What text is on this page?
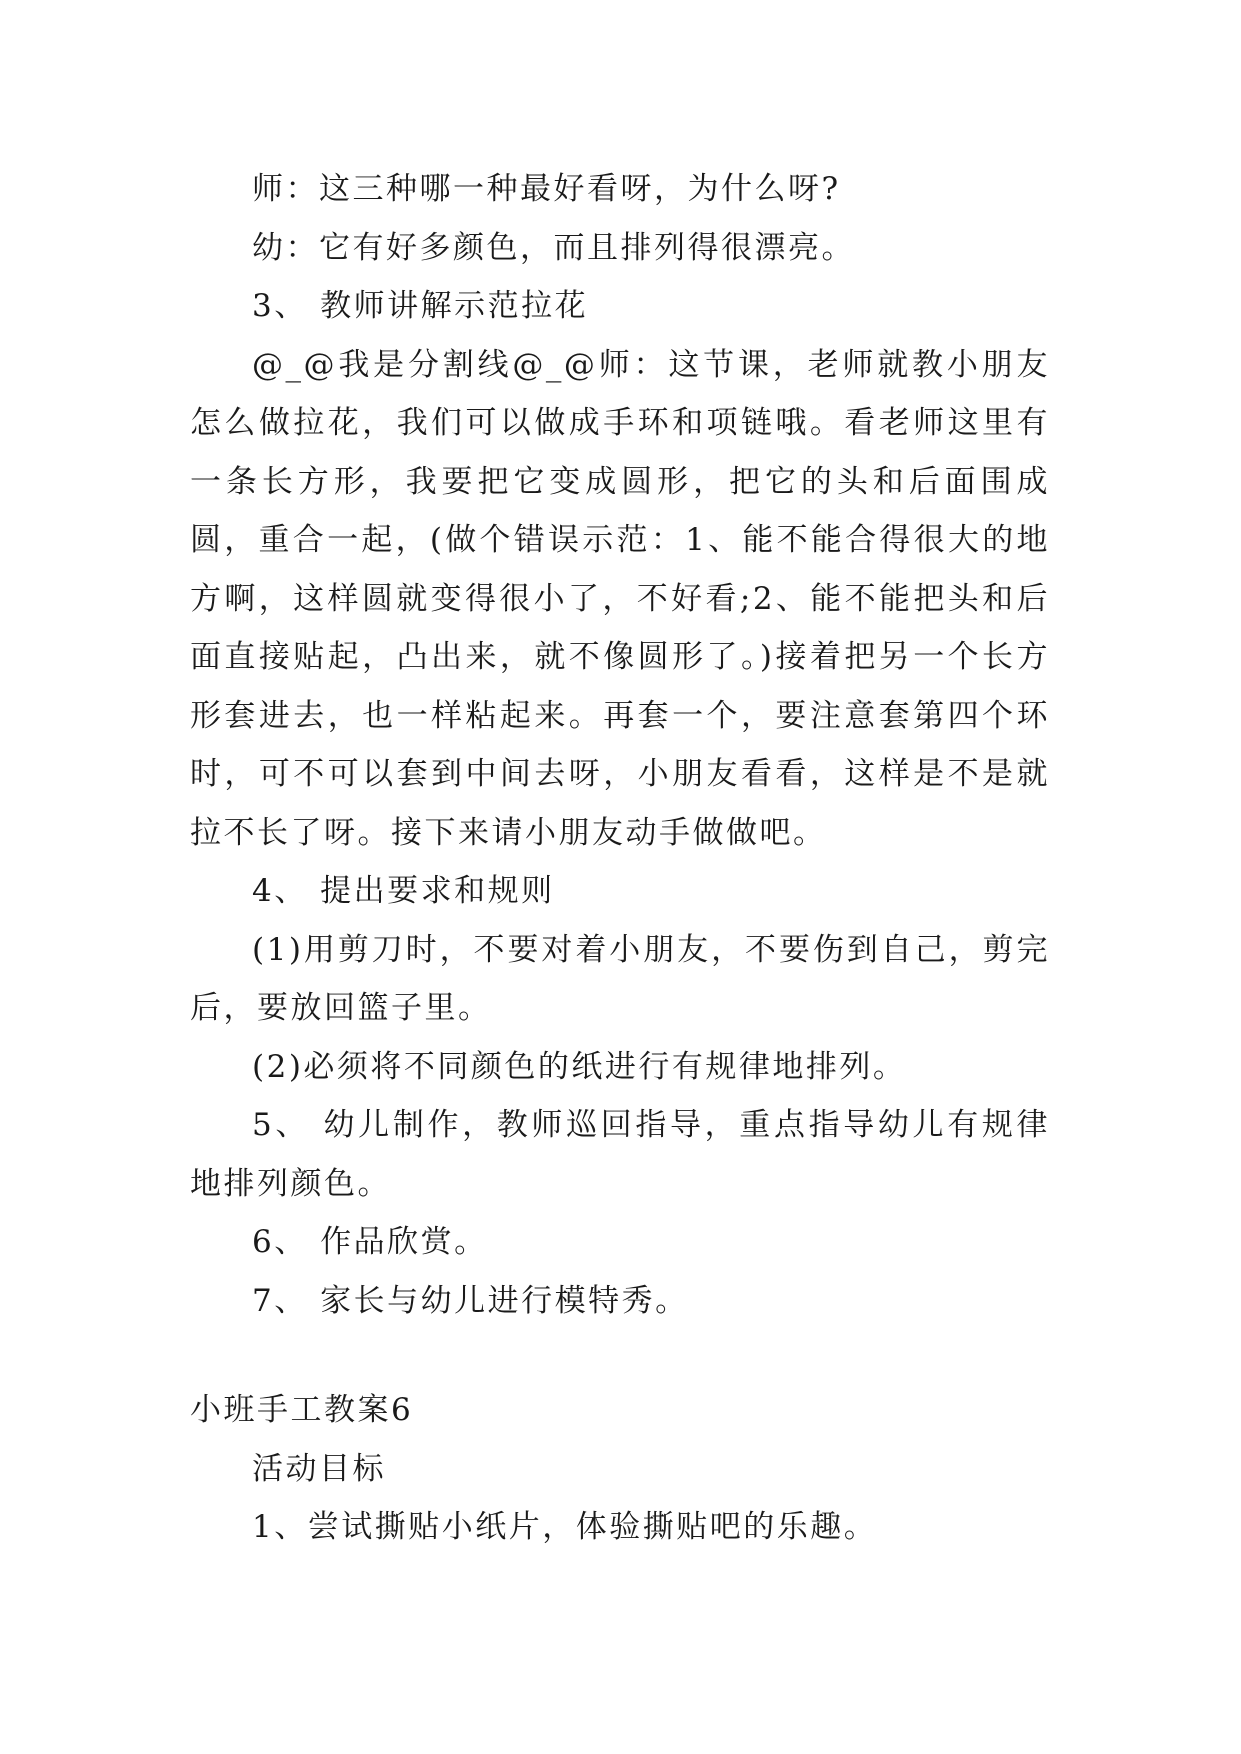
师：这三种哪一种最好看呀，为什么呀?

幼：它有好多颜色，而且排列得很漂亮。

3、 教师讲解示范拉花

@_@我是分割线@_@师：这节课，老师就教小朋友怎么做拉花，我们可以做成手环和项链哦。看老师这里有一条长方形，我要把它变成圆形，把它的头和后面围成圆，重合一起，(做个错误示范：1、能不能合得很大的地方啊，这样圆就变得很小了，不好看;2、能不能把头和后面直接贴起，凸出来，就不像圆形了。)接着把另一个长方形套进去，也一样粘起来。再套一个，要注意套第四个环时，可不可以套到中间去呀，小朋友看看，这样是不是就拉不长了呀。接下来请小朋友动手做做吧。

4、 提出要求和规则

(1)用剪刀时，不要对着小朋友，不要伤到自己，剪完后，要放回篮子里。

(2)必须将不同颜色的纸进行有规律地排列。

5、 幼儿制作，教师巡回指导，重点指导幼儿有规律地排列颜色。

6、 作品欣赏。

7、 家长与幼儿进行模特秀。

小班手工教案6

活动目标

1、尝试撕贴小纸片，体验撕贴吧的乐趣。
